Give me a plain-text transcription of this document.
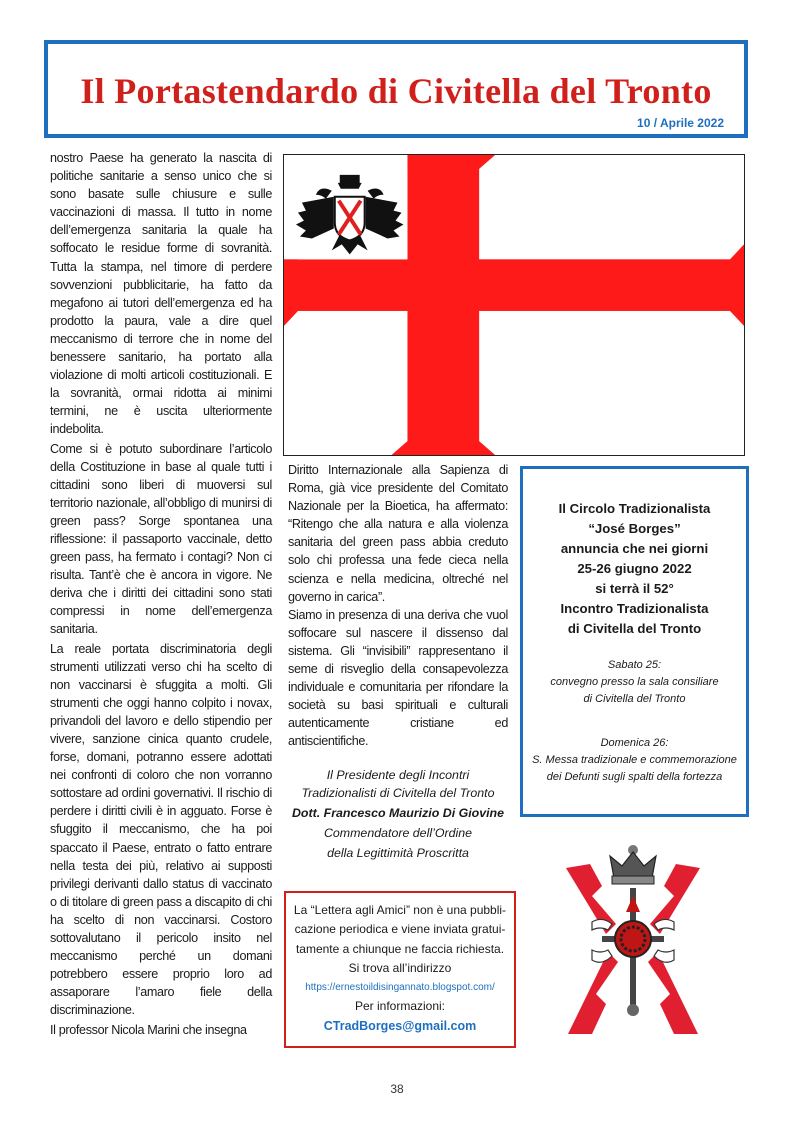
Il Portastendardo di Civitella del Tronto
10 / Aprile 2022

nostro Paese ha generato la nascita di politiche sanitarie a senso unico che si sono basate sulle chiusure e sulle vaccinazioni di massa. Il tutto in nome dell’emergenza sanitaria la quale ha soffocato le residue forme di sovranità. Tutta la stampa, nel timore di perdere sovvenzioni pubblicitarie, ha fatto da megafono ai tutori dell’emergenza ed ha prodotto la paura, vale a dire quel meccanismo di terrore che in nome del benessere sanitario, ha portato alla violazione di molti articoli costituzionali. E la sovranità, ormai ridotta ai minimi termini, ne è uscita ulteriormente indebolita.

Come si è potuto subordinare l’articolo della Costituzione in base al quale tutti i cittadini sono liberi di muoversi sul territorio nazionale, all’obbligo di munirsi di green pass? Sorge spontanea una riflessione: il passaporto vaccinale, detto green pass, ha fermato i contagi? Non ci risulta. Tant’è che è ancora in vigore. Ne deriva che i diritti dei cittadini sono stati compressi in nome dell’emergenza sanitaria.

La reale portata discriminatoria degli strumenti utilizzati verso chi ha scelto di non vaccinarsi è sfuggita a molti. Gli strumenti che oggi hanno colpito i novax, privandoli del lavoro e dello stipendio per vivere, sanzione cinica quanto crudele, forse, domani, potranno essere adottati nei confronti di coloro che non vorranno sottostare ad ordini governativi. Il rischio di perdere i diritti civili è in agguato. Forse è sfuggito il meccanismo, che ha poi spaccato il Paese, entrato o fatto entrare nella testa dei più, relativo ai supposti privilegi derivanti dallo status di vaccinato o di titolare di green pass a discapito di chi ha scelto di non vaccinarsi. Costoro sottovalutano il pericolo insito nel meccanismo perché un domani potrebbero essere proprio loro ad assaporare l’amaro fiele della discriminazione.

Il professor Nicola Marini che insegna

Diritto Internazionale alla Sapienza di Roma, già vice presidente del Comitato Nazionale per la Bioetica, ha affermato: “Ritengo che alla natura e alla violenza sanitaria del green pass abbia creduto solo chi professa una fede cieca nella scienza e nella medicina, oltreché nel governo in carica”.

Siamo in presenza di una deriva che vuol soffocare sul nascere il dissenso dal sistema. Gli “invisibili” rappresentano il seme di risveglio della consapevolezza individuale e comunitaria per rifondare la società su basi spirituali e culturali autenticamente cristiane ed antiscientifiche.

Il Presidente degli Incontri
Tradizionalisti di Civitella del Tronto
Dott. Francesco Maurizio Di Giovine
Commendatore dell’Ordine
della Legittimità Proscritta
Il Circolo Tradizionalista
“José Borges”
annuncia che nei giorni
25-26 giugno 2022
si terrà il 52°
Incontro Tradizionalista
di Civitella del Tronto
Sabato 25:
convegno presso la sala consiliare
di Civitella del Tronto
Domenica 26:
S. Messa tradizionale e commemorazione
dei Defunti sugli spalti della fortezza
La “Lettera agli Amici” non è una pubbli-
cazione periodica e viene inviata gratui-
tamente a chiunque ne faccia richiesta.
Si trova all’indirizzo
https://ernestoildisingannato.blogspot.com/
Per informazioni:
CTradBorges@gmail.com
38
